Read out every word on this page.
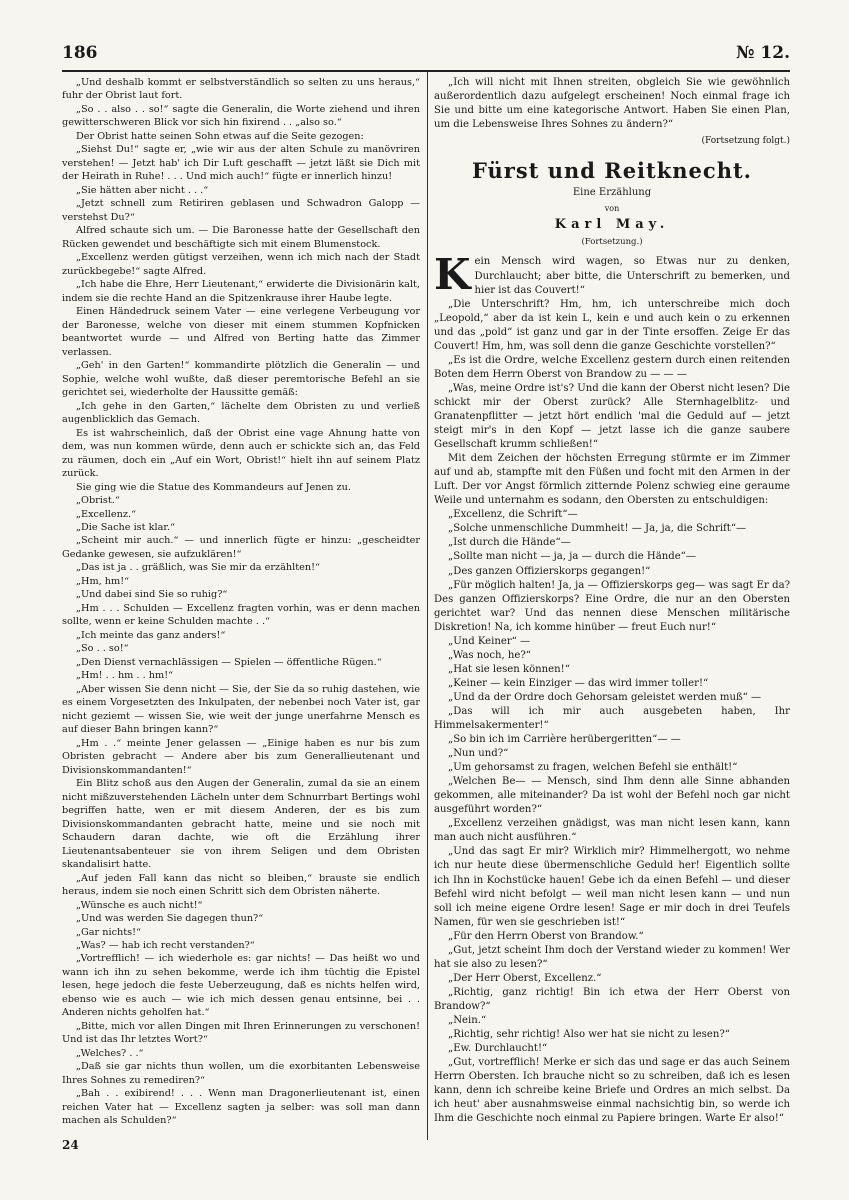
186	№ 12.

„Und deshalb kommt er selbstverständlich so selten zu uns heraus,“ fuhr der Obrist laut fort.

„So . . also . . so!“ sagte die Generalin, die Worte ziehend und ihren gewitterschweren Blick vor sich hin fixirend . . „also so.“

Der Obrist hatte seinen Sohn etwas auf die Seite gezogen:

„Siehst Du!“ sagte er, „wie wir aus der alten Schule zu manövriren verstehen! — Jetzt hab' ich Dir Luft geschafft — jetzt läßt sie Dich mit der Heirath in Ruhe! . . . Und mich auch!“ fügte er innerlich hinzu!

„Sie hätten aber nicht . . .“

„Jetzt schnell zum Retiriren geblasen und Schwadron Galopp — verstehst Du?“

Alfred schaute sich um. — Die Baronesse hatte der Gesellschaft den Rücken gewendet und beschäftigte sich mit einem Blumenstock.

„Excellenz werden gütigst verzeihen, wenn ich mich nach der Stadt zurückbegebe!“ sagte Alfred.

„Ich habe die Ehre, Herr Lieutenant,“ erwiderte die Divisionärin kalt, indem sie die rechte Hand an die Spitzenkrause ihrer Haube legte.

Einen Händedruck seinem Vater — eine verlegene Verbeugung vor der Baronesse, welche von dieser mit einem stummen Kopfnicken beantwortet wurde — und Alfred von Berting hatte das Zimmer verlassen.

„Geh' in den Garten!“ kommandirte plötzlich die Generalin — und Sophie, welche wohl wußte, daß dieser peremtorische Befehl an sie gerichtet sei, wiederholte der Haussitte gemäß:

„Ich gehe in den Garten,“ lächelte dem Obristen zu und verließ augenblicklich das Gemach.

Es ist wahrscheinlich, daß der Obrist eine vage Ahnung hatte von dem, was nun kommen würde, denn auch er schickte sich an, das Feld zu räumen, doch ein „Auf ein Wort, Obrist!“ hielt ihn auf seinem Platz zurück.

Sie ging wie die Statue des Kommandeurs auf Jenen zu.

„Obrist.“

„Excellenz.“

„Die Sache ist klar.“

„Scheint mir auch.“ — und innerlich fügte er hinzu: „gescheidter Gedanke gewesen, sie aufzuklären!“

„Das ist ja . . gräßlich, was Sie mir da erzählten!“

„Hm, hm!“

„Und dabei sind Sie so ruhig?“

„Hm . . . Schulden — Excellenz fragten vorhin, was er denn machen sollte, wenn er keine Schulden machte . .“

„Ich meinte das ganz anders!“

„So . . so!“

„Den Dienst vernachlässigen — Spielen — öffentliche Rügen.“

„Hm! . . hm . . hm!“

„Aber wissen Sie denn nicht — Sie, der Sie da so ruhig dastehen, wie es einem Vorgesetzten des Inkulpaten, der nebenbei noch Vater ist, gar nicht geziemt — wissen Sie, wie weit der junge unerfahrne Mensch es auf dieser Bahn bringen kann?“

„Hm . .“ meinte Jener gelassen — „Einige haben es nur bis zum Obristen gebracht — Andere aber bis zum Generallieutenant und Divisionskommandanten!“

Ein Blitz schoß aus den Augen der Generalin, zumal da sie an einem nicht mißzuverstehenden Lächeln unter dem Schnurrbart Bertings wohl begriffen hatte, wen er mit diesem Anderen, der es bis zum Divisionskommandanten gebracht hatte, meine und sie noch mit Schaudern daran dachte, wie oft die Erzählung ihrer Lieutenantsabenteuer sie von ihrem Seligen und dem Obristen skandalisirt hatte.

„Auf jeden Fall kann das nicht so bleiben,“ brauste sie endlich heraus, indem sie noch einen Schritt sich dem Obristen näherte.

„Wünsche es auch nicht!“

„Und was werden Sie dagegen thun?“

„Gar nichts!“

„Was? — hab ich recht verstanden?“

„Vortrefflich! — ich wiederhole es: gar nichts! — Das heißt wo und wann ich ihn zu sehen bekomme, werde ich ihm tüchtig die Epistel lesen, hege jedoch die feste Ueberzeugung, daß es nichts helfen wird, ebenso wie es auch — wie ich mich dessen genau entsinne, bei . . Anderen nichts geholfen hat.“

„Bitte, mich vor allen Dingen mit Ihren Erinnerungen zu verschonen! Und ist das Ihr letztes Wort?“

„Welches? . .“

„Daß sie gar nichts thun wollen, um die exorbitanten Lebensweise Ihres Sohnes zu remediren?“

„Bah . . exibirend! . . . Wenn man Dragonerlieutenant ist, einen reichen Vater hat — Excellenz sagten ja selber: was soll man dann machen als Schulden?“

„Ich will nicht mit Ihnen streiten, obgleich Sie wie gewöhnlich außerordentlich dazu aufgelegt erscheinen! Noch einmal frage ich Sie und bitte um eine kategorische Antwort. Haben Sie einen Plan, um die Lebensweise Ihres Sohnes zu ändern?“

(Fortsetzung folgt.)
Fürst und Reitknecht.
Eine Erzählung
von
Karl May.
(Fortsetzung.)

Kein Mensch wird wagen, so Etwas nur zu denken, Durchlaucht; aber bitte, die Unterschrift zu bemerken, und hier ist das Couvert!“

„Die Unterschrift? Hm, hm, ich unterschreibe mich doch „Leopold,“ aber da ist kein L, kein e und auch kein o zu erkennen und das „pold“ ist ganz und gar in der Tinte ersoffen. Zeige Er das Couvert! Hm, hm, was soll denn die ganze Geschichte vorstellen?“

„Es ist die Ordre, welche Excellenz gestern durch einen reitenden Boten dem Herrn Oberst von Brandow zu — — —

„Was, meine Ordre ist's? Und die kann der Oberst nicht lesen? Die schickt mir der Oberst zurück? Alle Sternhagelblitz- und Granatenpflitter — jetzt hört endlich 'mal die Geduld auf — jetzt steigt mir's in den Kopf — jetzt lasse ich die ganze saubere Gesellschaft krumm schließen!“

Mit dem Zeichen der höchsten Erregung stürmte er im Zimmer auf und ab, stampfte mit den Füßen und focht mit den Armen in der Luft. Der vor Angst förmlich zitternde Polenz schwieg eine geraume Weile und unternahm es sodann, den Obersten zu entschuldigen:

„Excellenz, die Schrift“—

„Solche unmenschliche Dummheit! — Ja, ja, die Schrift“—

„Ist durch die Hände“—

„Sollte man nicht — ja, ja — durch die Hände“—

„Des ganzen Offizierskorps gegangen!“

„Für möglich halten! Ja, ja — Offizierskorps geg— was sagt Er da? Des ganzen Offizierskorps? Eine Ordre, die nur an den Obersten gerichtet war? Und das nennen diese Menschen militärische Diskretion! Na, ich komme hinüber — freut Euch nur!“

„Und Keiner“ —

„Was noch, he?“

„Hat sie lesen können!“

„Keiner — kein Einziger — das wird immer toller!“

„Und da der Ordre doch Gehorsam geleistet werden muß“ —

„Das will ich mir auch ausgebeten haben, Ihr Himmelsakermenter!“

„So bin ich im Carrière herübergeritten“— —

„Nun und?“

„Um gehorsamst zu fragen, welchen Befehl sie enthält!“

„Welchen Be— — Mensch, sind Ihm denn alle Sinne abhanden gekommen, alle miteinander? Da ist wohl der Befehl noch gar nicht ausgeführt worden?“

„Excellenz verzeihen gnädigst, was man nicht lesen kann, kann man auch nicht ausführen.“

„Und das sagt Er mir? Wirklich mir? Himmelhergott, wo nehme ich nur heute diese übermenschliche Geduld her! Eigentlich sollte ich Ihn in Kochstücke hauen! Gebe ich da einen Befehl — und dieser Befehl wird nicht befolgt — weil man nicht lesen kann — und nun soll ich meine eigene Ordre lesen! Sage er mir doch in drei Teufels Namen, für wen sie geschrieben ist!“

„Für den Herrn Oberst von Brandow.“

„Gut, jetzt scheint Ihm doch der Verstand wieder zu kommen! Wer hat sie also zu lesen?“

„Der Herr Oberst, Excellenz.“

„Richtig, ganz richtig! Bin ich etwa der Herr Oberst von Brandow?“

„Nein.“

„Richtig, sehr richtig! Also wer hat sie nicht zu lesen?“

„Ew. Durchlaucht!“

„Gut, vortrefflich! Merke er sich das und sage er das auch Seinem Herrn Obersten. Ich brauche nicht so zu schreiben, daß ich es lesen kann, denn ich schreibe keine Briefe und Ordres an mich selbst. Da ich heut' aber ausnahmsweise einmal nachsichtig bin, so werde ich Ihm die Geschichte noch einmal zu Papiere bringen. Warte Er also!“

24
